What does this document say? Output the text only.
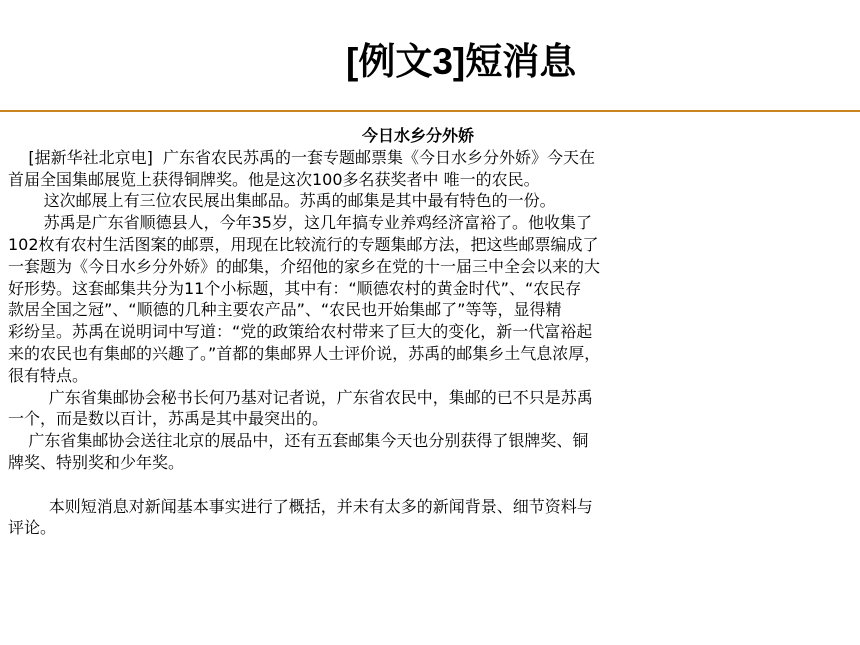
[例文3]短消息

今日水乡分外娇

[据新华社北京电]  广东省农民苏禹的一套专题邮票集《今日水乡分外娇》今天在

首届全国集邮展览上获得铜牌奖。他是这次100多名获奖者中 唯一的农民。

这次邮展上有三位农民展出集邮品。苏禹的邮集是其中最有特色的一份。

苏禹是广东省顺德县人，今年35岁，这几年搞专业养鸡经济富裕了。他收集了

102枚有农村生活图案的邮票，用现在比较流行的专题集邮方法，把这些邮票编成了

一套题为《今日水乡分外娇》的邮集，介绍他的家乡在党的十一届三中全会以来的大

好形势。这套邮集共分为11个小标题，其中有：“顺德农村的黄金时代”、“农民存

款居全国之冠”、“顺德的几种主要农产品”、“农民也开始集邮了”等等，显得精

彩纷呈。苏禹在说明词中写道：“党的政策给农村带来了巨大的变化，新一代富裕起

来的农民也有集邮的兴趣了。”首都的集邮界人士评价说，苏禹的邮集乡土气息浓厚，

很有特点。

广东省集邮协会秘书长何乃基对记者说，广东省农民中，集邮的已不只是苏禹

一个，而是数以百计，苏禹是其中最突出的。

广东省集邮协会送往北京的展品中，还有五套邮集今天也分别获得了银牌奖、铜

牌奖、特别奖和少年奖。

本则短消息对新闻基本事实进行了概括，并未有太多的新闻背景、细节资料与

评论。
